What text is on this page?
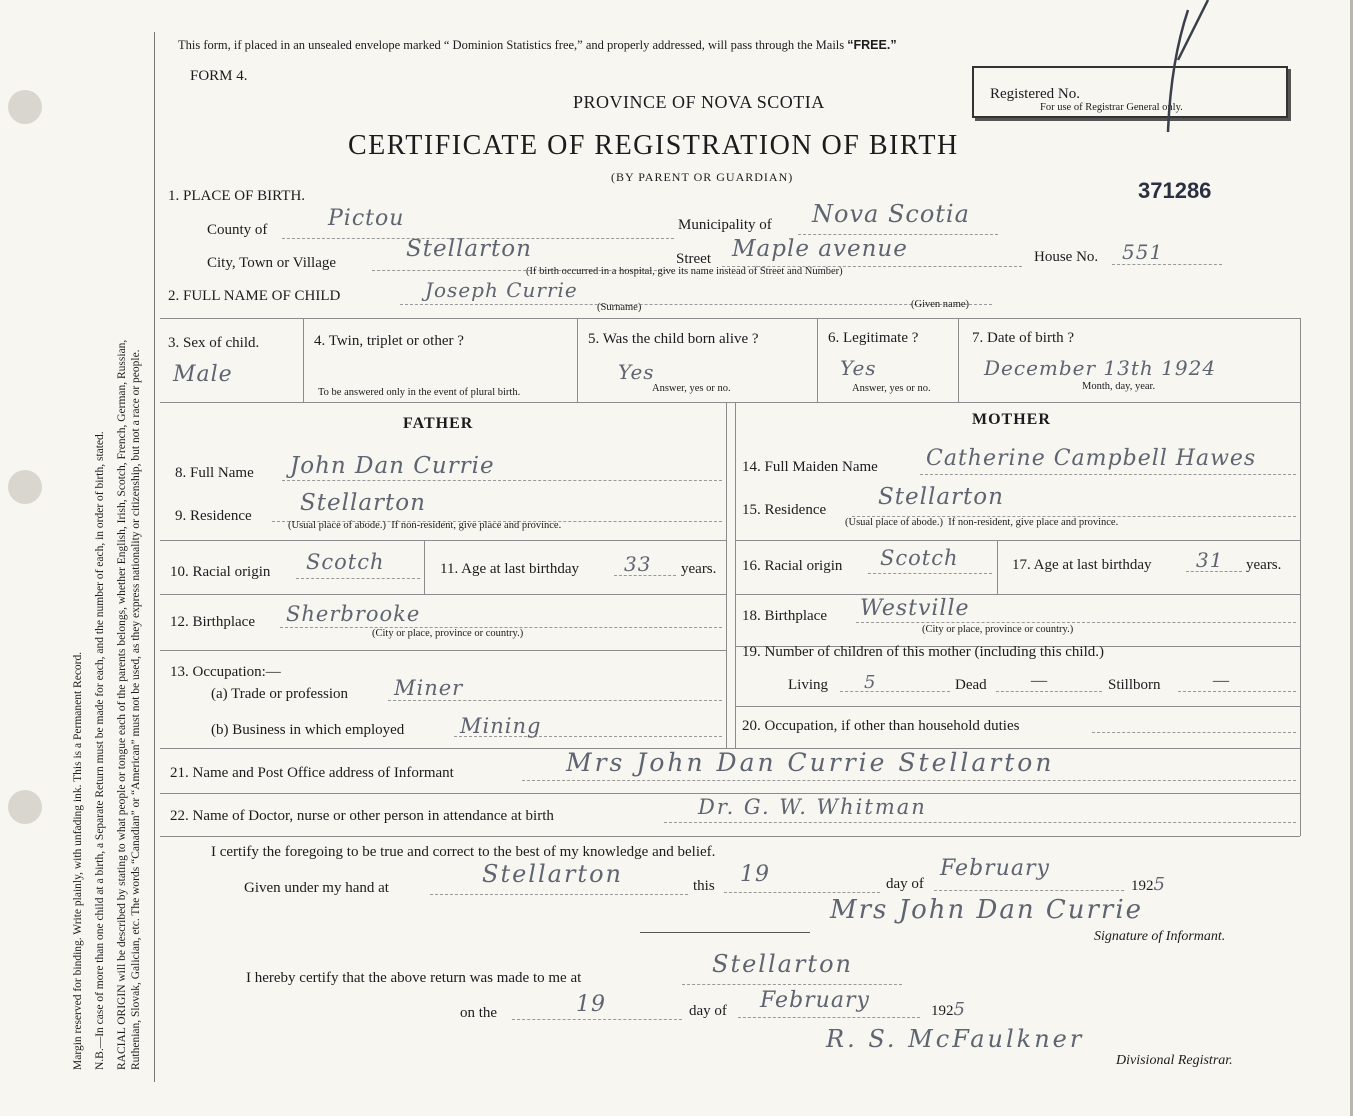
Margin reserved for binding. Write plainly, with unfading ink. This is a Permanent Record. N.B.—In case of more than one child at a birth, a Separate Return must be made for each, and the number of each, in order of birth, stated. RACIAL ORIGIN will be described by stating to what people or tongue each of the parents belongs, whether English, Irish, Scotch, French, German, Russian, Ruthenian, Slovak, Galician, etc. The words “Canadian” or “American” must not be used, as they express nationality or citizenship, but not a race or people.
This form, if placed in an unsealed envelope marked “ Dominion Statistics free,” and properly addressed, will pass through the Mails “FREE.”
FORM 4.
Registered No.
For use of Registrar General only.
PROVINCE OF NOVA SCOTIA
CERTIFICATE OF REGISTRATION OF BIRTH
(BY PARENT OR GUARDIAN)
371286
1. PLACE OF BIRTH.
County of	Pictou	Municipality of Nova Scotia
City, Town or Village
Stellarton	Street Maple avenue	House No. 551
(If birth occurred in a hospital, give its name instead of Street and Number)
2. FULL NAME OF CHILD	Joseph Currie
(Surname)	(Given name)
3. Sex of child.
Male
4. Twin, triplet or other ?
To be answered only in the event of plural birth.
5. Was the child born alive ?
Yes
Answer, yes or no.
6. Legitimate ?
Yes
Answer, yes or no.
7. Date of birth ?
December 13th 1924
Month, day, year.
FATHER	MOTHER
8. Full Name John Dan Currie
9. Residence Stellarton
(Usual place of abode.) If non-resident, give place and province.
10. Racial origin Scotch	11. Age at last birthday 33 years.
12. Birthplace Sherbrooke
(City or place, province or country.)
13. Occupation:—
(a) Trade or profession Miner
(b) Business in which employed	Mining
14. Full Maiden Name Catherine Campbell Hawes
15. Residence Stellarton
(Usual place of abode.) If non-resident, give place and province.
16. Racial origin Scotch	17. Age at last birthday 31 years.
18. Birthplace Westville
(City or place, province or country.)
19. Number of children of this mother (including this child.)
Living 5	Dead —	Stillborn	—
20. Occupation, if other than household duties
21. Name and Post Office address of Informant	Mrs John Dan Currie Stellarton
22. Name of Doctor, nurse or other person in attendance at birth	Dr. G. W. Whitman
I certify the foregoing to be true and correct to the best of my knowledge and belief.
Given under my hand at	Stellarton	this 19	day of
February
1925
Mrs John Dan Currie
Signature of Informant.
I hereby certify that the above return was made to me at	Stellarton
on the	19	day of February	1925
R. S. McFaulkner
Divisional Registrar.
